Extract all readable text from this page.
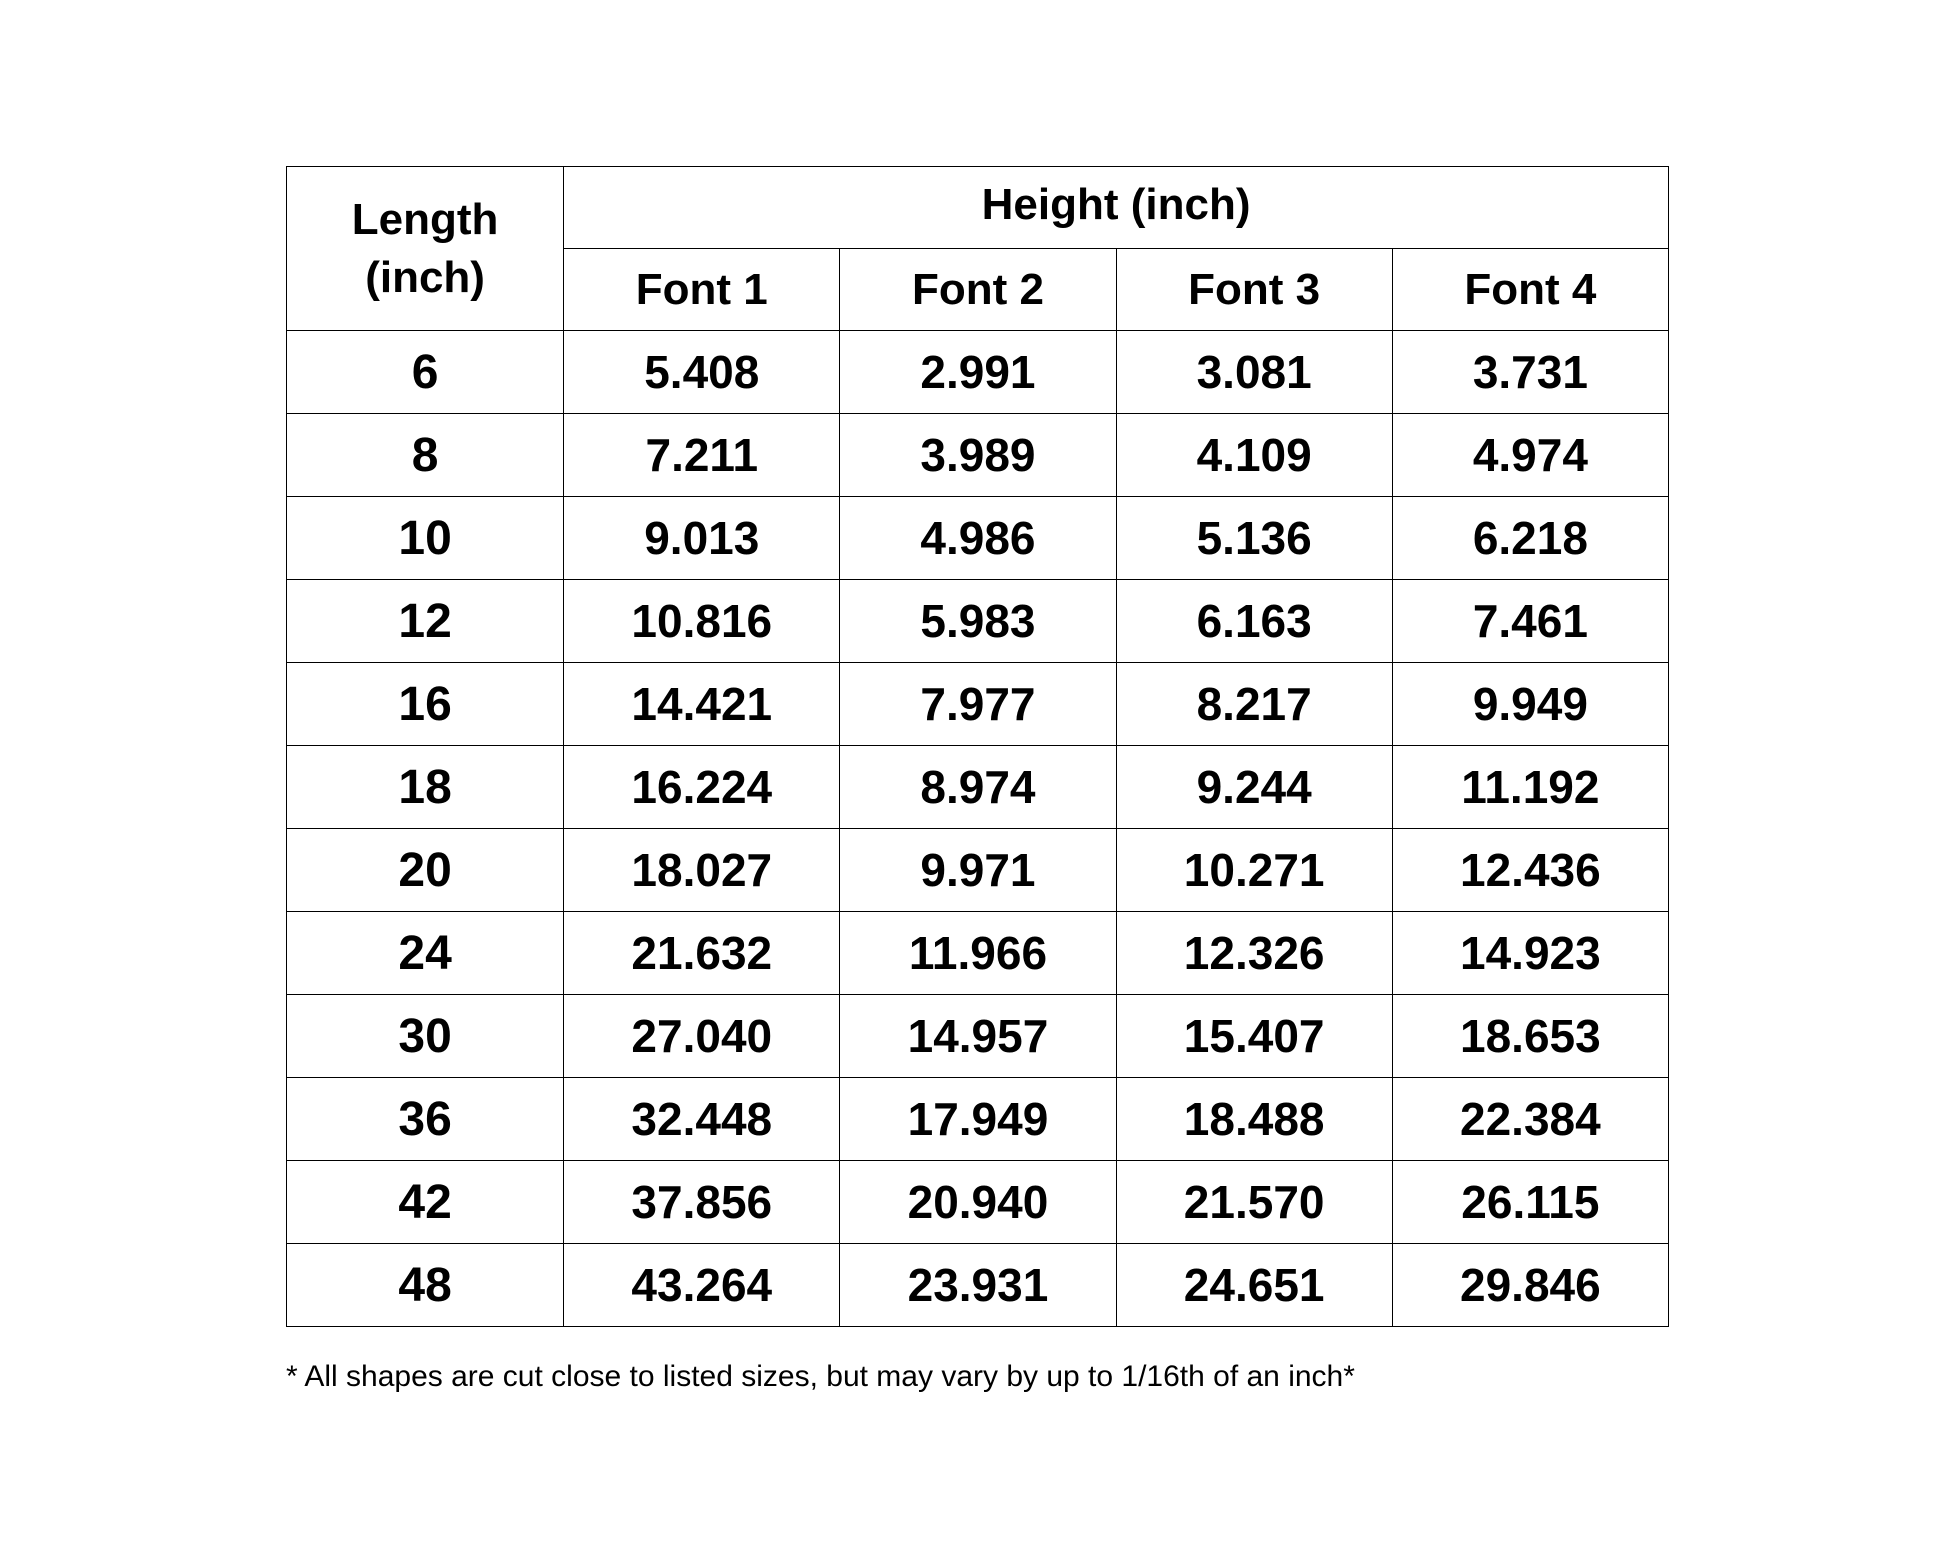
Length
(inch)	Height (inch)			
	Font 1	Font 2	Font 3	Font 4
6	5.408	2.991	3.081	3.731
8	7.211	3.989	4.109	4.974
10	9.013	4.986	5.136	6.218
12	10.816	5.983	6.163	7.461
16	14.421	7.977	8.217	9.949
18	16.224	8.974	9.244	11.192
20	18.027	9.971	10.271	12.436
24	21.632	11.966	12.326	14.923
30	27.040	14.957	15.407	18.653
36	32.448	17.949	18.488	22.384
42	37.856	20.940	21.570	26.115
48	43.264	23.931	24.651	29.846
* All shapes are cut close to listed sizes, but may vary by up to 1/16th of an inch*
